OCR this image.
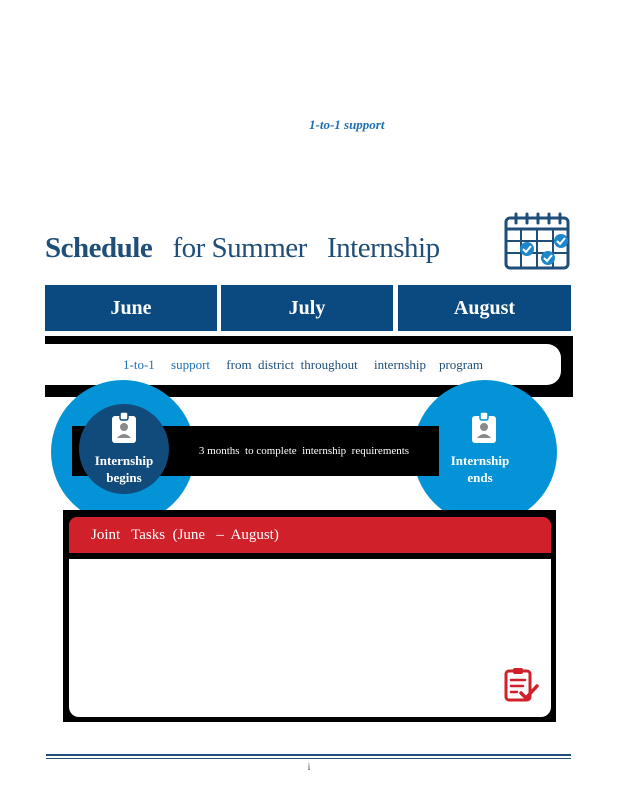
1-to-1 support
Schedule   for Summer   Internship
June	July	August
1-to-1     support from  district  throughout     internship    program
3 months  to complete  internship  requirements
Internship
begins
Internship
ends
Joint   Tasks  (June   –  August)
i
